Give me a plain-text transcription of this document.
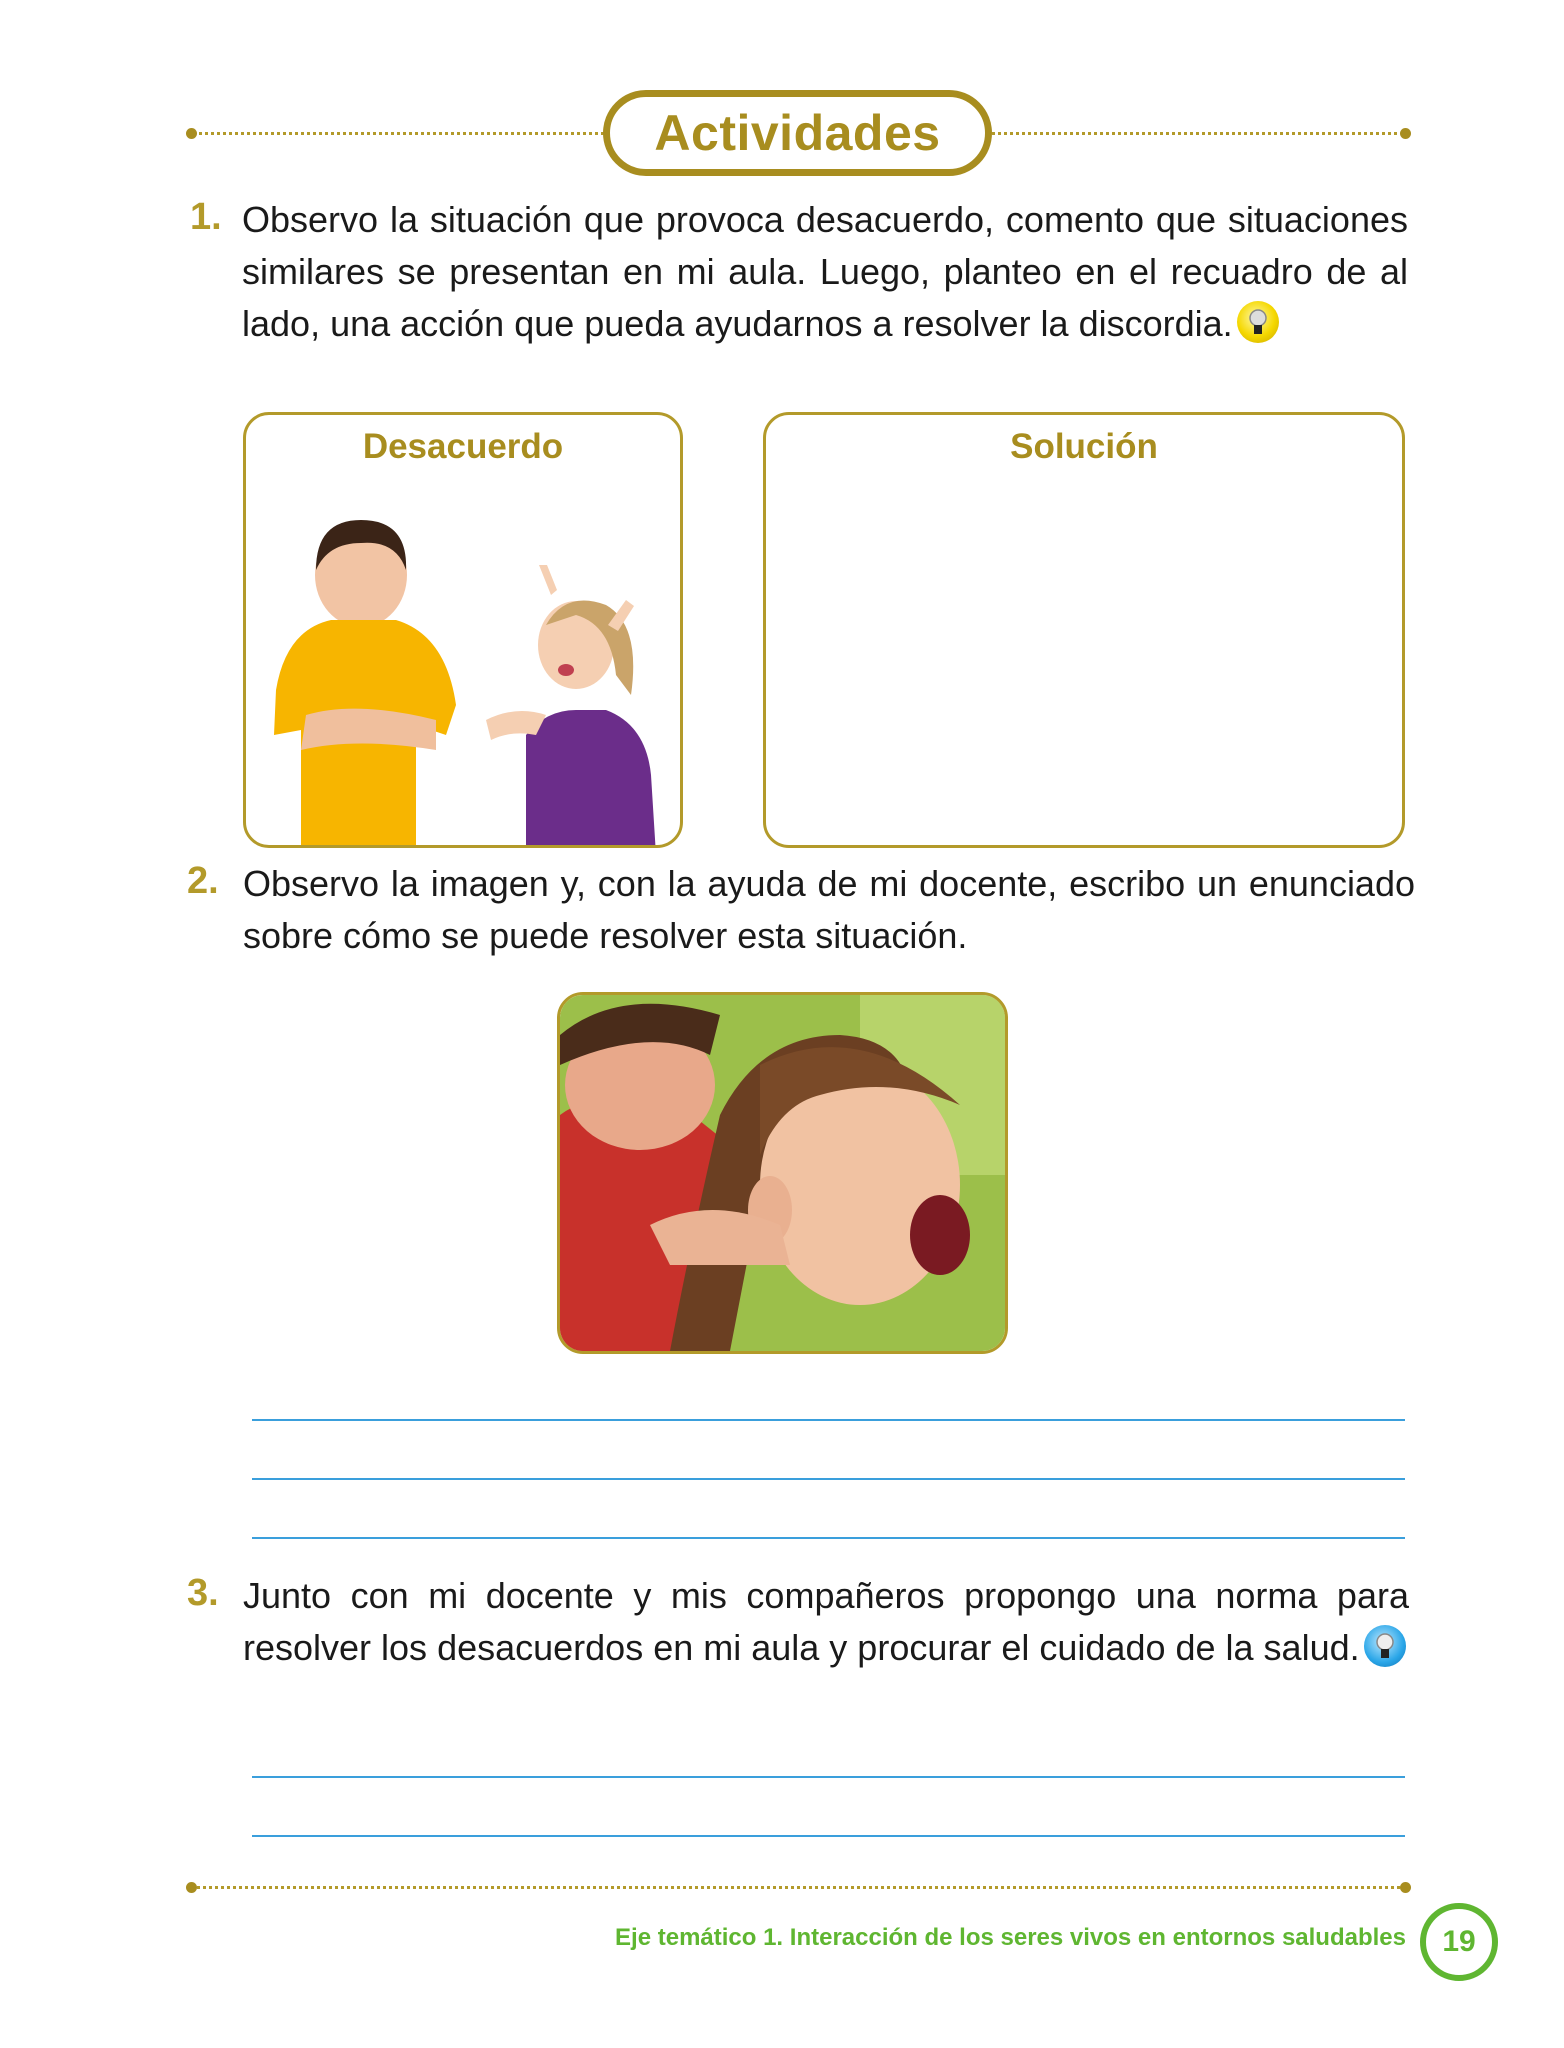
Actividades
1. Observo la situación que provoca desacuerdo, comento que situaciones similares se presentan en mi aula. Luego, planteo en el recuadro de al lado, una acción que pueda ayudarnos a resolver la discordia.
Desacuerdo	Solución
2. Observo la imagen y, con la ayuda de mi docente, escribo un enunciado sobre cómo se puede resolver esta situación.
3. Junto con mi docente y mis compañeros propongo una norma para resolver los desacuerdos en mi aula y procurar el cuidado de la salud.
Eje temático 1. Interacción de los seres vivos en entornos saludables 19
